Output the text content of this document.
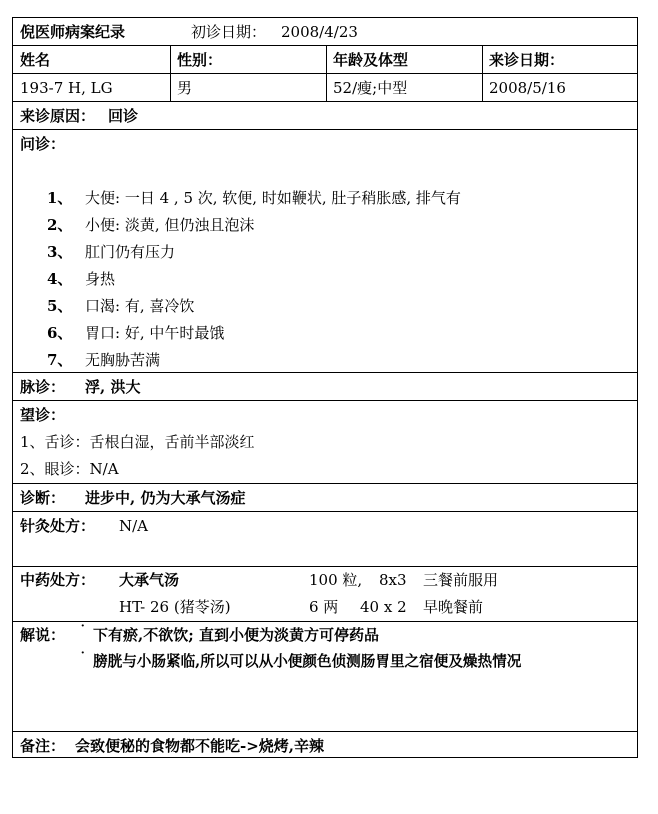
倪医师病案纪录	初诊日期： 2008/4/23
姓名	性别：	年龄及体型	来诊日期：
193-7 H, LG	男	52/瘦;中型	2008/5/16
来诊原因： 回诊
问诊：
1、 大便: 一日 4 , 5 次, 软便, 时如鞭状, 肚子稍胀感, 排气有
2、 小便: 淡黄, 但仍浊且泡沫
3、 肛门仍有压力
4、 身热
5、 口渴: 有, 喜冷饮
6、 胃口: 好, 中午时最饿
7、 无胸胁苦满
脉诊： 浮, 洪大
望诊：
1、舌诊：舌根白湿，舌前半部淡红
2、眼诊：N/A
诊断： 进步中, 仍为大承气汤症
针灸处方： N/A
中药处方： 大承气汤	100 粒, 8x3 三餐前服用
HT- 26 (猪苓汤)	6 两 40 x 2 早晚餐前
解说： ˙ 下有瘀,不欲饮; 直到小便为淡黄方可停药品
˙ 膀胱与小肠紧临,所以可以从小便颜色侦测肠胃里之宿便及燥热情况
备注： 会致便秘的食物都不能吃->烧烤,辛辣
